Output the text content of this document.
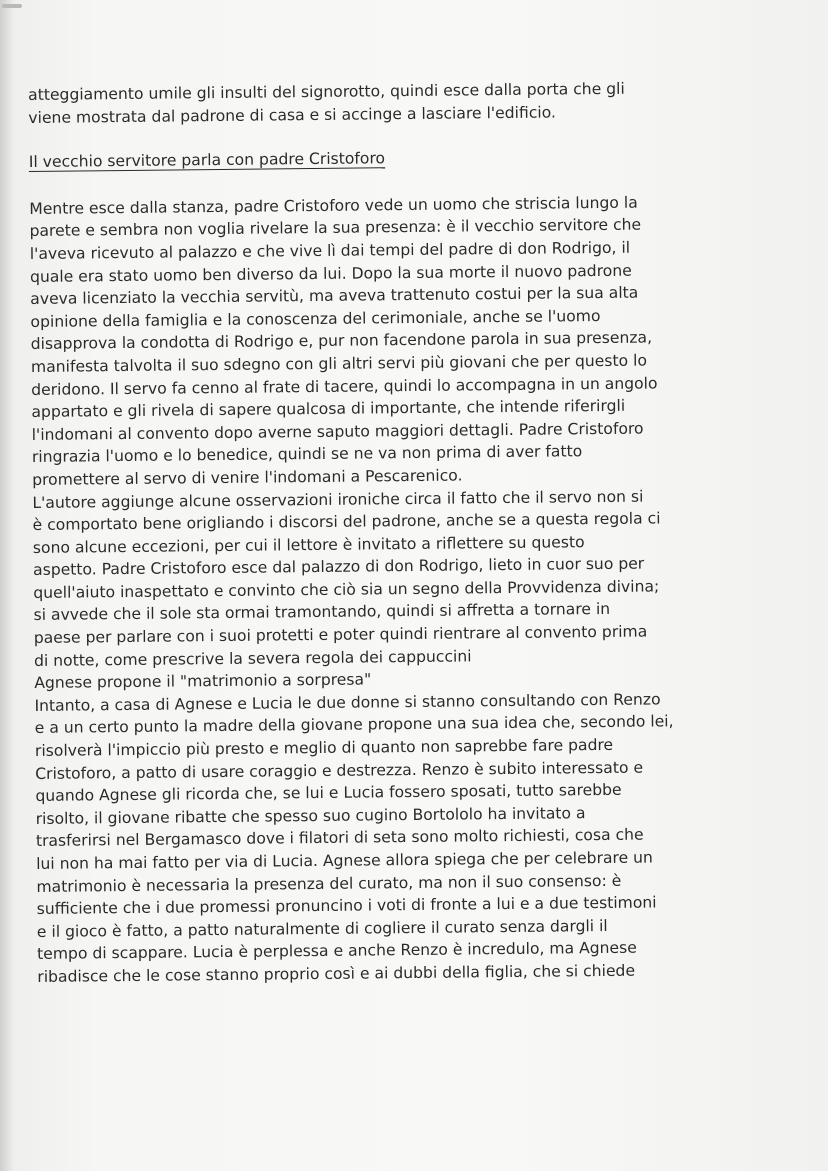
atteggiamento umile gli insulti del signorotto, quindi esce dalla porta che gli
viene mostrata dal padrone di casa e si accinge a lasciare l'edificio.
Il vecchio servitore parla con padre Cristoforo
Mentre esce dalla stanza, padre Cristoforo vede un uomo che striscia lungo la
parete e sembra non voglia rivelare la sua presenza: è il vecchio servitore che
l'aveva ricevuto al palazzo e che vive lì dai tempi del padre di don Rodrigo, il
quale era stato uomo ben diverso da lui. Dopo la sua morte il nuovo padrone
aveva licenziato la vecchia servitù, ma aveva trattenuto costui per la sua alta
opinione della famiglia e la conoscenza del cerimoniale, anche se l'uomo
disapprova la condotta di Rodrigo e, pur non facendone parola in sua presenza,
manifesta talvolta il suo sdegno con gli altri servi più giovani che per questo lo
deridono. Il servo fa cenno al frate di tacere, quindi lo accompagna in un angolo
appartato e gli rivela di sapere qualcosa di importante, che intende riferirgli
l'indomani al convento dopo averne saputo maggiori dettagli. Padre Cristoforo
ringrazia l'uomo e lo benedice, quindi se ne va non prima di aver fatto
promettere al servo di venire l'indomani a Pescarenico.
L'autore aggiunge alcune osservazioni ironiche circa il fatto che il servo non si
è comportato bene origliando i discorsi del padrone, anche se a questa regola ci
sono alcune eccezioni, per cui il lettore è invitato a riflettere su questo
aspetto. Padre Cristoforo esce dal palazzo di don Rodrigo, lieto in cuor suo per
quell'aiuto inaspettato e convinto che ciò sia un segno della Provvidenza divina;
si avvede che il sole sta ormai tramontando, quindi si affretta a tornare in
paese per parlare con i suoi protetti e poter quindi rientrare al convento prima
di notte, come prescrive la severa regola dei cappuccini
Agnese propone il "matrimonio a sorpresa"
Intanto, a casa di Agnese e Lucia le due donne si stanno consultando con Renzo
e a un certo punto la madre della giovane propone una sua idea che, secondo lei,
risolverà l'impiccio più presto e meglio di quanto non saprebbe fare padre
Cristoforo, a patto di usare coraggio e destrezza. Renzo è subito interessato e
quando Agnese gli ricorda che, se lui e Lucia fossero sposati, tutto sarebbe
risolto, il giovane ribatte che spesso suo cugino Bortololo ha invitato a
trasferirsi nel Bergamasco dove i filatori di seta sono molto richiesti, cosa che
lui non ha mai fatto per via di Lucia. Agnese allora spiega che per celebrare un
matrimonio è necessaria la presenza del curato, ma non il suo consenso: è
sufficiente che i due promessi pronuncino i voti di fronte a lui e a due testimoni
e il gioco è fatto, a patto naturalmente di cogliere il curato senza dargli il
tempo di scappare. Lucia è perplessa e anche Renzo è incredulo, ma Agnese
ribadisce che le cose stanno proprio così e ai dubbi della figlia, che si chiede
